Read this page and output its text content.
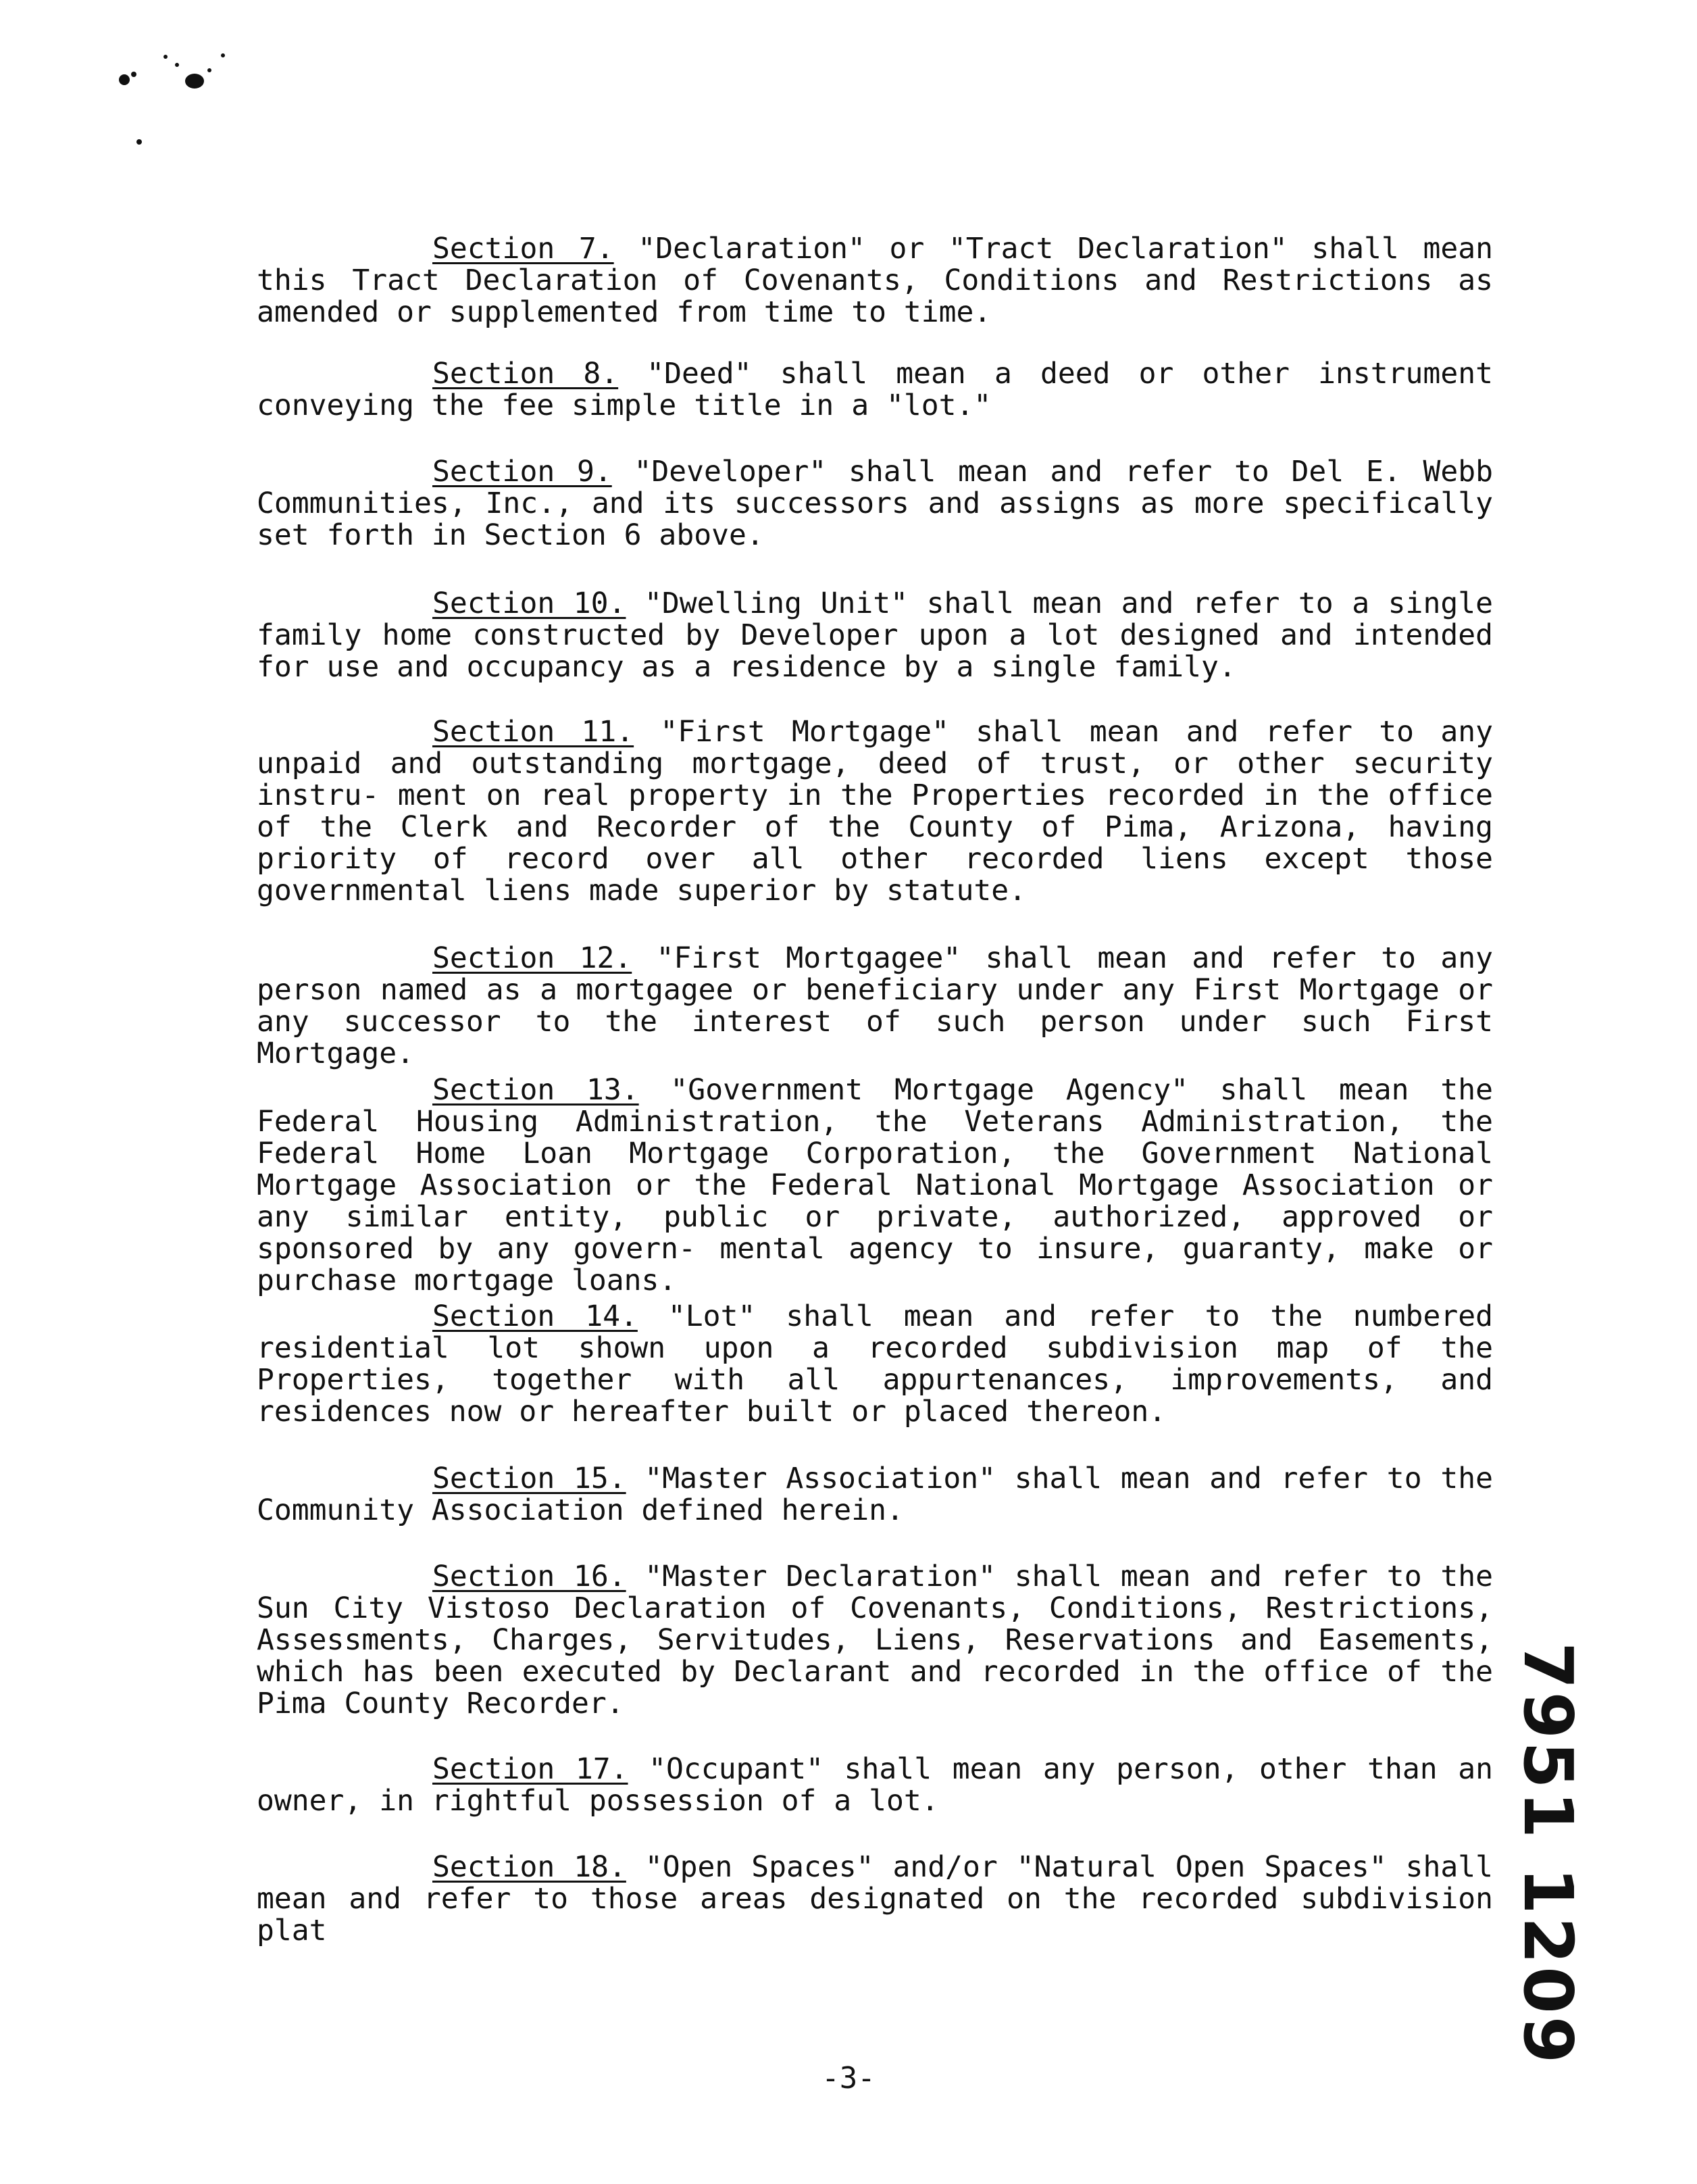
Section 7. "Declaration" or "Tract Declaration" shall mean
this Tract Declaration of Covenants, Conditions and Restrictions as amended or supplemented from time to time.
Section 8. "Deed" shall mean a deed or other instrument
conveying the fee simple title in a "lot."
Section 9. "Developer" shall mean and refer to Del E. Webb
Communities, Inc., and its successors and assigns as more specifically set forth in Section 6 above.
Section 10. "Dwelling Unit" shall mean and refer to a single
family home constructed by Developer upon a lot designed and intended for use and occupancy as a residence by a single family.
Section 11. "First Mortgage" shall mean and refer to any
unpaid and outstanding mortgage, deed of trust, or other security instru- ment on real property in the Properties recorded in the office of the Clerk and Recorder of the County of Pima, Arizona, having priority of record over all other recorded liens except those governmental liens made superior by statute.
Section 12. "First Mortgagee" shall mean and refer to any
person named as a mortgagee or beneficiary under any First Mortgage or any successor to the interest of such person under such First Mortgage.
Section 13. "Government Mortgage Agency" shall mean the
Federal Housing Administration, the Veterans Administration, the Federal Home Loan Mortgage Corporation, the Government National Mortgage Association or the Federal National Mortgage Association or any similar entity, public or private, authorized, approved or sponsored by any govern- mental agency to insure, guaranty, make or purchase mortgage loans.
Section 14. "Lot" shall mean and refer to the numbered
residential lot shown upon a recorded subdivision map of the Properties, together with all appurtenances, improvements, and residences now or hereafter built or placed thereon.
Section 15. "Master Association" shall mean and refer to the
Community Association defined herein.
Section 16. "Master Declaration" shall mean and refer to the
Sun City Vistoso Declaration of Covenants, Conditions, Restrictions, Assessments, Charges, Servitudes, Liens, Reservations and Easements, which has been executed by Declarant and recorded in the office of the Pima County Recorder.
Section 17. "Occupant" shall mean any person, other than an
owner, in rightful possession of a lot.
Section 18. "Open Spaces" and/or "Natural Open Spaces" shall
mean and refer to those areas designated on the recorded subdivision plat
-3-
7951 1209
